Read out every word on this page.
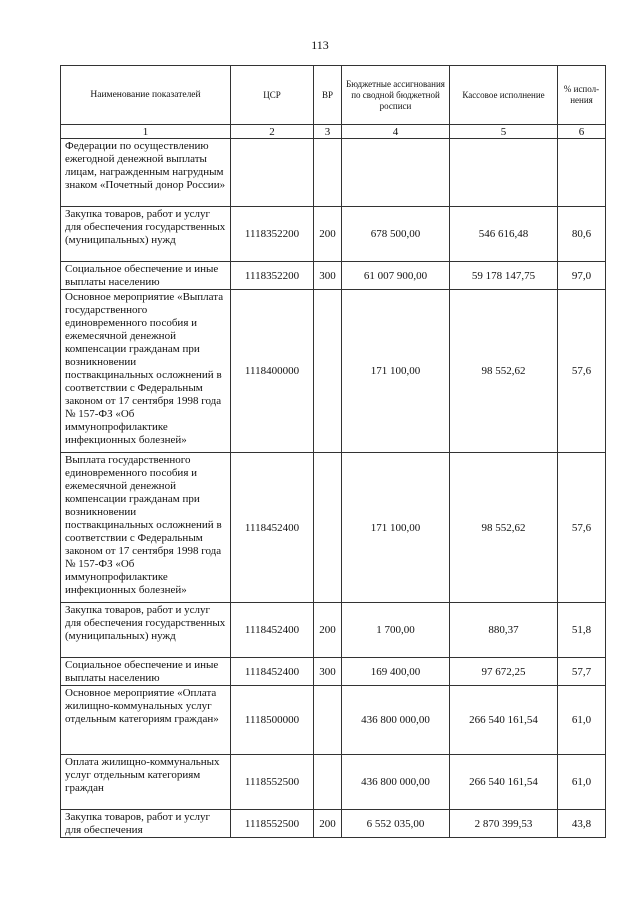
113
Наименование показателей	ЦСР	ВР	Бюджетные ассигнования по сводной бюджетной росписи	Кассовое исполнение	% испол-нения
1	2	3	4	5	6
Федерации по осуществлению ежегодной денежной выплаты лицам, награжденным нагрудным знаком «Почетный донор России»					
Закупка товаров, работ и услуг для обеспечения государственных (муниципальных) нужд	1118352200	200	678 500,00	546 616,48	80,6
Социальное обеспечение и иные выплаты населению	1118352200	300	61 007 900,00	59 178 147,75	97,0
Основное мероприятие «Выплата государственного единовременного пособия и ежемесячной денежной компенсации гражданам при возникновении поствакцинальных осложнений в соответствии с Федеральным законом от 17 сентября 1998 года № 157-ФЗ «Об иммунопрофилактике инфекционных болезней»	1118400000		171 100,00	98 552,62	57,6
Выплата государственного единовременного пособия и ежемесячной денежной компенсации гражданам при возникновении поствакцинальных осложнений в соответствии с Федеральным законом от 17 сентября 1998 года № 157-ФЗ «Об иммунопрофилактике инфекционных болезней»	1118452400		171 100,00	98 552,62	57,6
Закупка товаров, работ и услуг для обеспечения государственных (муниципальных) нужд	1118452400	200	1 700,00	880,37	51,8
Социальное обеспечение и иные выплаты населению	1118452400	300	169 400,00	97 672,25	57,7
Основное мероприятие «Оплата жилищно-коммунальных услуг отдельным категориям граждан»	1118500000		436 800 000,00	266 540 161,54	61,0
Оплата жилищно-коммунальных услуг отдельным категориям граждан	1118552500		436 800 000,00	266 540 161,54	61,0
Закупка товаров, работ и услуг для обеспечения	1118552500	200	6 552 035,00	2 870 399,53	43,8
